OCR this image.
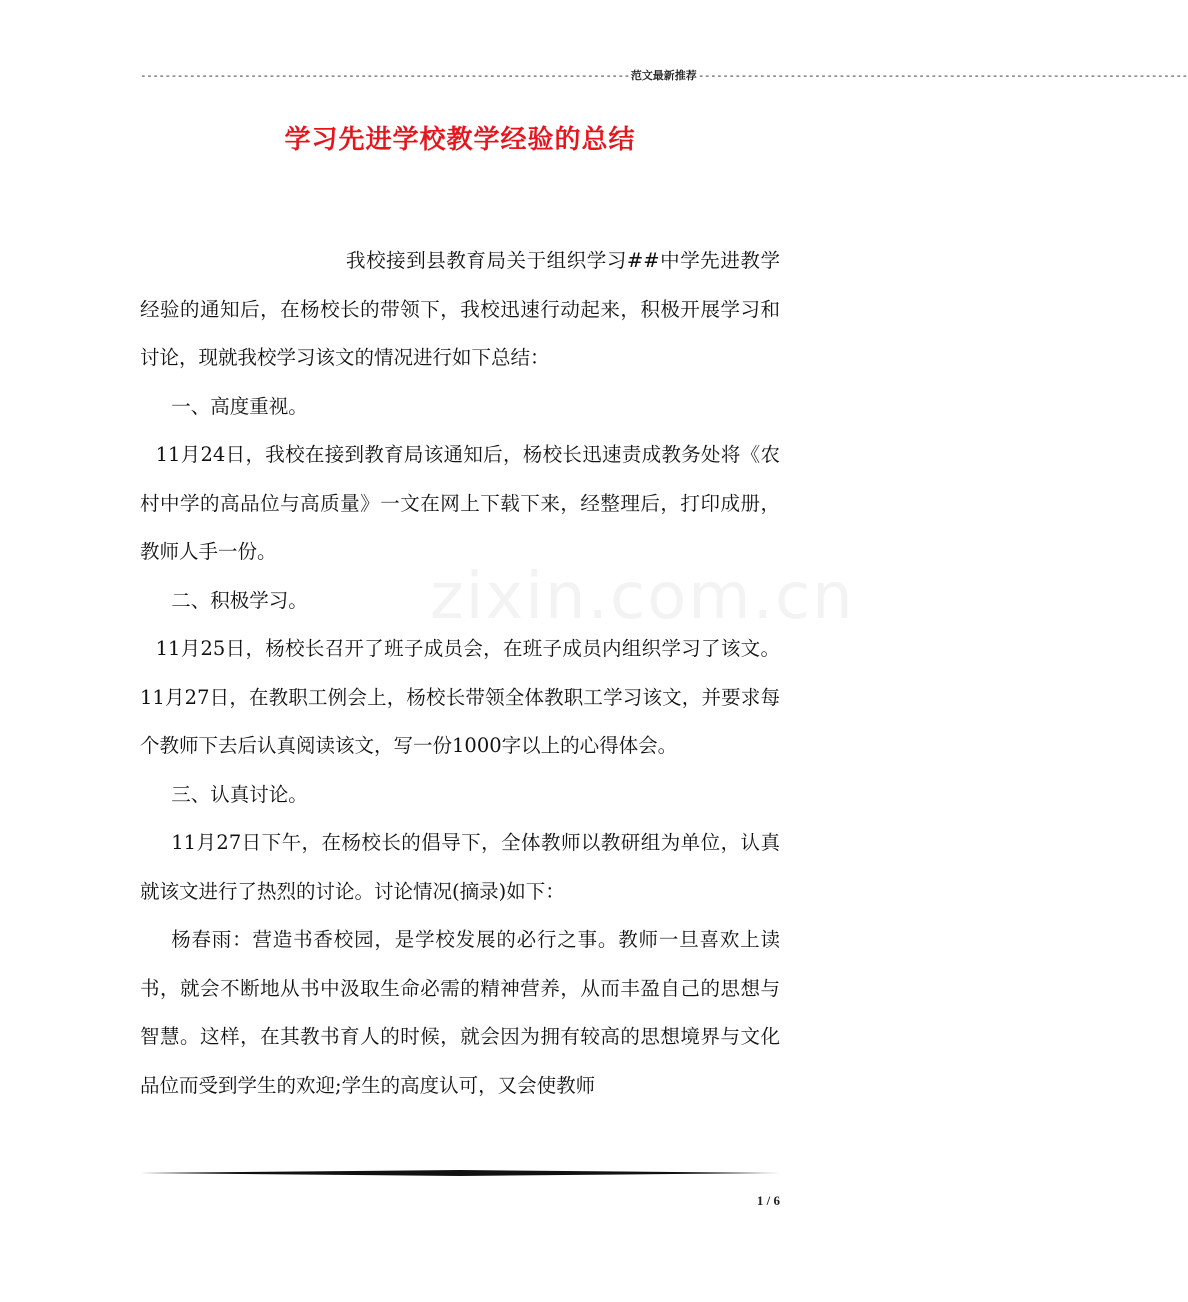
-------------------------------------------------------------------------------- 范文最新推荐 --------------------------------------------------------------------------------
学习先进学校教学经验的总结
zixin.com.cn

我校接到县教育局关于组织学习##中学先进教学经验的通知后，在杨校长的带领下，我校迅速行动起来，积极开展学习和讨论，现就我校学习该文的情况进行如下总结：

一、高度重视。

11月24日，我校在接到教育局该通知后，杨校长迅速责成教务处将《农村中学的高品位与高质量》一文在网上下载下来，经整理后，打印成册，教师人手一份。

二、积极学习。

11月25日，杨校长召开了班子成员会，在班子成员内组织学习了该文。11月27日，在教职工例会上，杨校长带领全体教职工学习该文，并要求每个教师下去后认真阅读该文，写一份1000字以上的心得体会。

三、认真讨论。

11月27日下午，在杨校长的倡导下，全体教师以教研组为单位，认真就该文进行了热烈的讨论。讨论情况(摘录)如下：

杨春雨：营造书香校园，是学校发展的必行之事。教师一旦喜欢上读书，就会不断地从书中汲取生命必需的精神营养，从而丰盈自己的思想与智慧。这样，在其教书育人的时候，就会因为拥有较高的思想境界与文化品位而受到学生的欢迎;学生的高度认可，又会使教师

1 / 6
